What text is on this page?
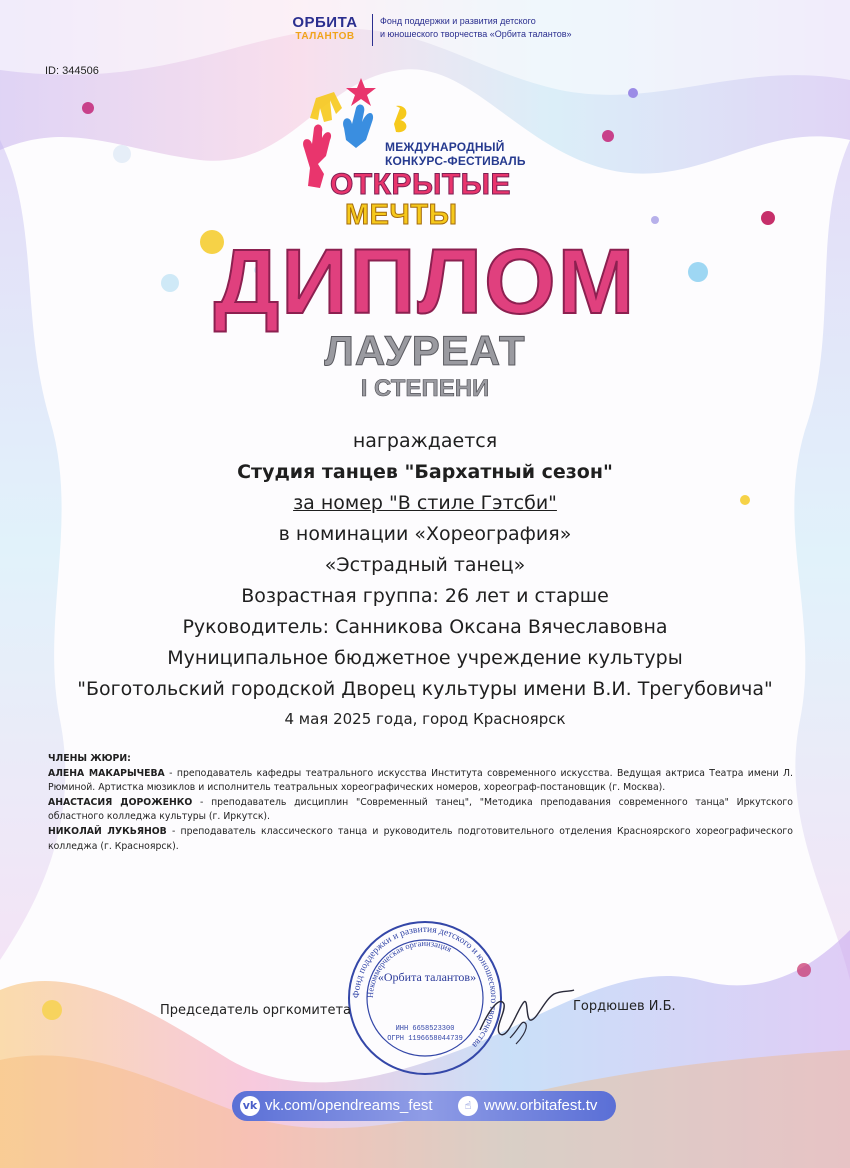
ОРБИТА
ТАЛАНТОВ
Фонд поддержки и развития детского
и юношеского творчества «Орбита талантов»
ID: 344506
МЕЖДУНАРОДНЫЙ
КОНКУРС-ФЕСТИВАЛЬ
ОТКРЫТЫЕ
МЕЧТЫ
ДИПЛОМ
ЛАУРЕАТ
I СТЕПЕНИ
награждается
Студия танцев "Бархатный сезон"
за номер "В стиле Гэтсби"
в номинации «Хореография»
«Эстрадный танец»
Возрастная группа: 26 лет и старше
Руководитель: Санникова Оксана Вячеславовна
Муниципальное бюджетное учреждение культуры
"Боготольский городской Дворец культуры имени В.И. Трегубовича"
4 мая 2025 года, город Красноярск

ЧЛЕНЫ ЖЮРИ:

АЛЕНА МАКАРЫЧЕВА - преподаватель кафедры театрального искусства Института современного искусства. Ведущая актриса Театра имени Л. Рюминой. Артистка мюзиклов и исполнитель театральных хореографических номеров, хореограф-постановщик (г. Москва).

АНАСТАСИЯ ДОРОЖЕНКО - преподаватель дисциплин "Современный танец", "Методика преподавания современного танца" Иркутского областного колледжа культуры (г. Иркутск).

НИКОЛАЙ ЛУКЬЯНОВ - преподаватель классического танца и руководитель подготовительного отделения Красноярского хореографического колледжа (г. Красноярск).

Фонд поддержки и развития детского и юношеского творчества
Некоммерческая организация
ИНН 6658523300
ОГРН 1196658044739
«Орбита талантов»
Председатель оргкомитета	Гордюшев И.Б.
vk vk.com/opendreams_fest	☝ www.orbitafest.tv
